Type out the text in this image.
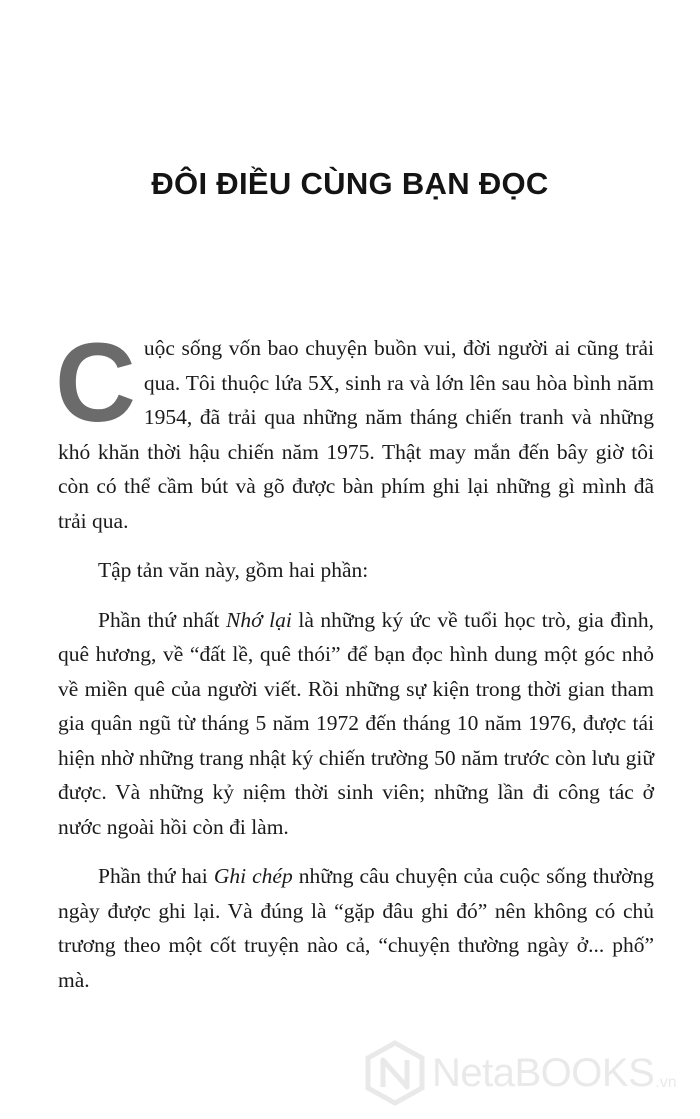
ĐÔI ĐIỀU CÙNG BẠN ĐỌC

Cuộc sống vốn bao chuyện buồn vui, đời người ai cũng trải qua. Tôi thuộc lứa 5X, sinh ra và lớn lên sau hòa bình năm 1954, đã trải qua những năm tháng chiến tranh và những khó khăn thời hậu chiến năm 1975. Thật may mắn đến bây giờ tôi còn có thể cầm bút và gõ được bàn phím ghi lại những gì mình đã trải qua.

Tập tản văn này, gồm hai phần:

Phần thứ nhất Nhớ lại là những ký ức về tuổi học trò, gia đình, quê hương, về “đất lề, quê thói” để bạn đọc hình dung một góc nhỏ về miền quê của người viết. Rồi những sự kiện trong thời gian tham gia quân ngũ từ tháng 5 năm 1972 đến tháng 10 năm 1976, được tái hiện nhờ những trang nhật ký chiến trường 50 năm trước còn lưu giữ được. Và những kỷ niệm thời sinh viên; những lần đi công tác ở nước ngoài hồi còn đi làm.

Phần thứ hai Ghi chép những câu chuyện của cuộc sống thường ngày được ghi lại. Và đúng là “gặp đâu ghi đó” nên không có chủ trương theo một cốt truyện nào cả, “chuyện thường ngày ở... phố” mà.

NetaBOOKS .vn
